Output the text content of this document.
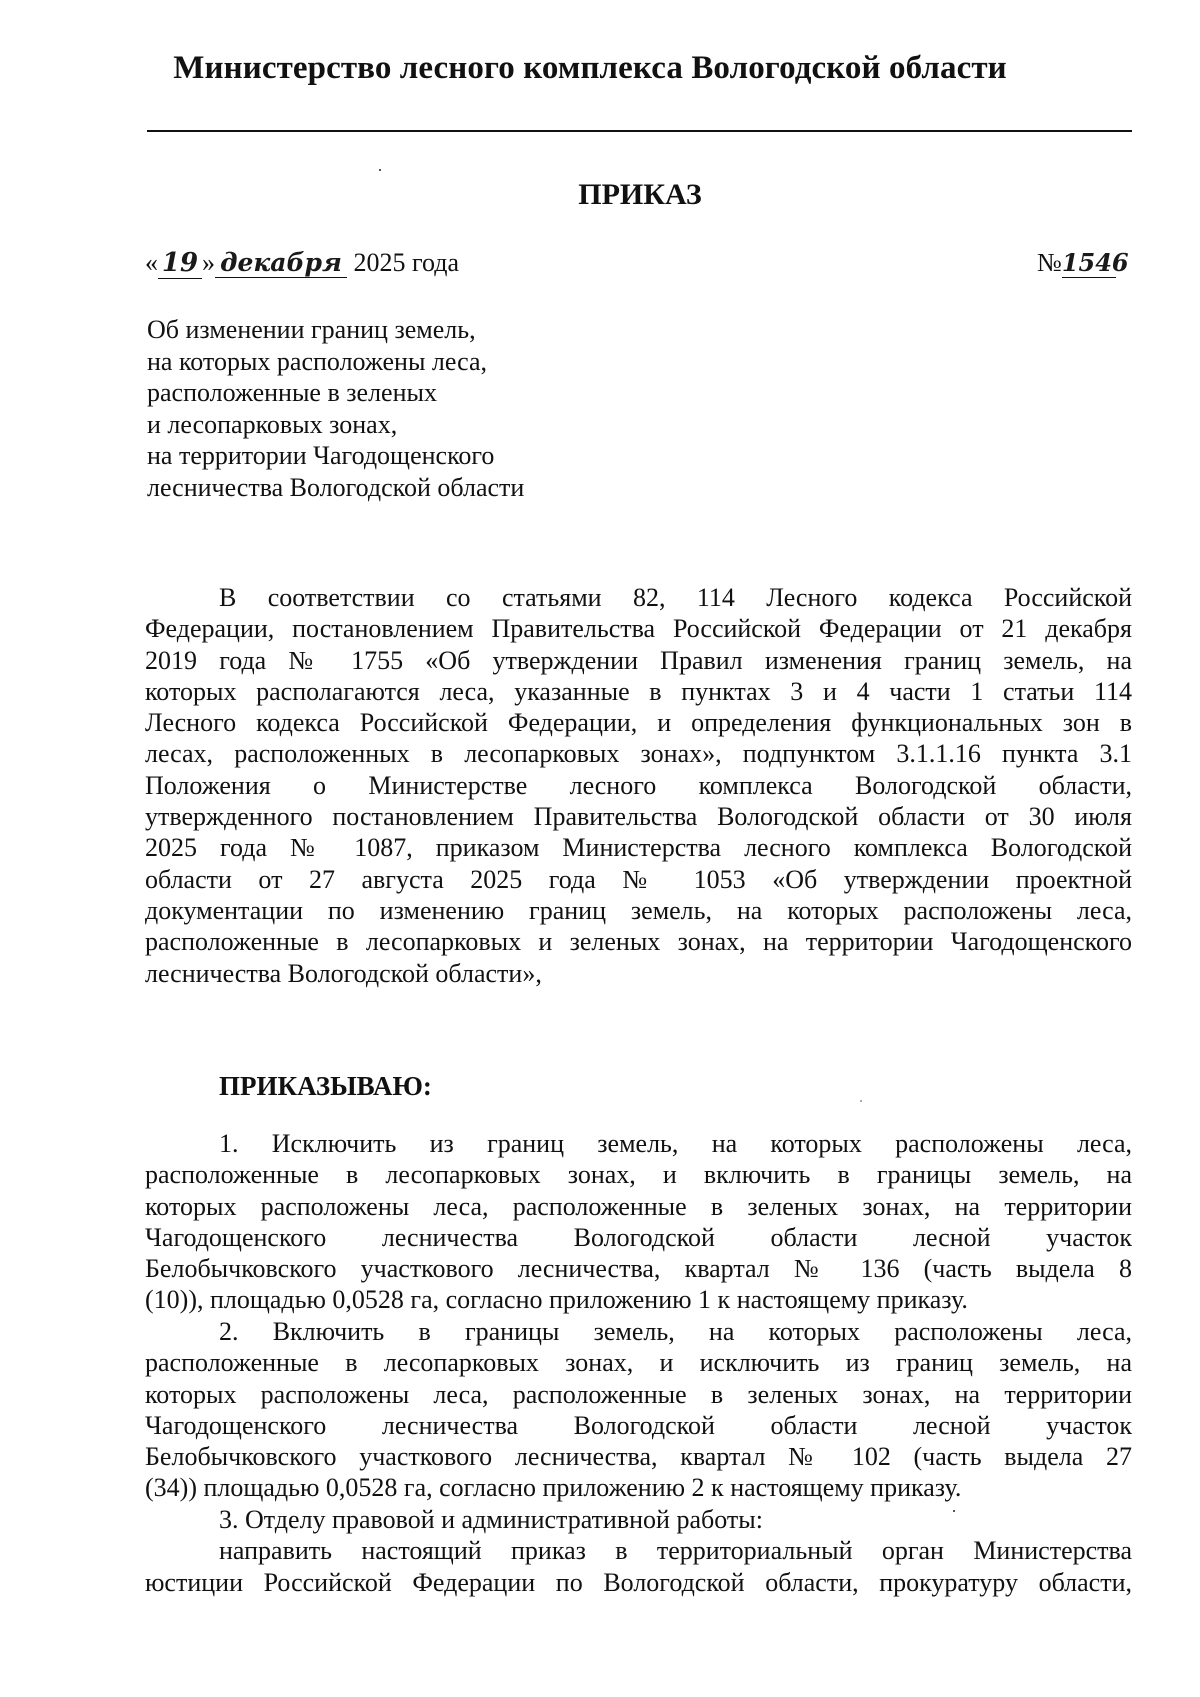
Министерство лесного комплекса Вологодской области
ПРИКАЗ
« 19 » декабря 2025 года	№1546
Об изменении границ земель,
на которых расположены леса,
расположенные в зеленых
и лесопарковых зонах,
на территории Чагодощенского
лесничества Вологодской области
В соответствии со статьями 82, 114 Лесного кодекса Российской
Федерации, постановлением Правительства Российской Федерации от 21 декабря
2019 года № 1755 «Об утверждении Правил изменения границ земель, на
которых располагаются леса, указанные в пунктах 3 и 4 части 1 статьи 114
Лесного кодекса Российской Федерации, и определения функциональных зон в
лесах, расположенных в лесопарковых зонах», подпунктом 3.1.1.16 пункта 3.1
Положения о Министерстве лесного комплекса Вологодской области,
утвержденного постановлением Правительства Вологодской области от 30 июля
2025 года № 1087, приказом Министерства лесного комплекса Вологодской
области от 27 августа 2025 года № 1053 «Об утверждении проектной
документации по изменению границ земель, на которых расположены леса,
расположенные в лесопарковых и зеленых зонах, на территории Чагодощенского
лесничества Вологодской области»,
ПРИКАЗЫВАЮ:
1. Исключить из границ земель, на которых расположены леса,
расположенные в лесопарковых зонах, и включить в границы земель, на
которых расположены леса, расположенные в зеленых зонах, на территории
Чагодощенского лесничества Вологодской области лесной участок
Белобычковского участкового лесничества, квартал № 136 (часть выдела 8
(10)), площадью 0,0528 га, согласно приложению 1 к настоящему приказу.
2. Включить в границы земель, на которых расположены леса,
расположенные в лесопарковых зонах, и исключить из границ земель, на
которых расположены леса, расположенные в зеленых зонах, на территории
Чагодощенского лесничества Вологодской области лесной участок
Белобычковского участкового лесничества, квартал № 102 (часть выдела 27
(34)) площадью 0,0528 га, согласно приложению 2 к настоящему приказу.
3. Отделу правовой и административной работы:
направить настоящий приказ в территориальный орган Министерства
юстиции Российской Федерации по Вологодской области, прокуратуру области,
